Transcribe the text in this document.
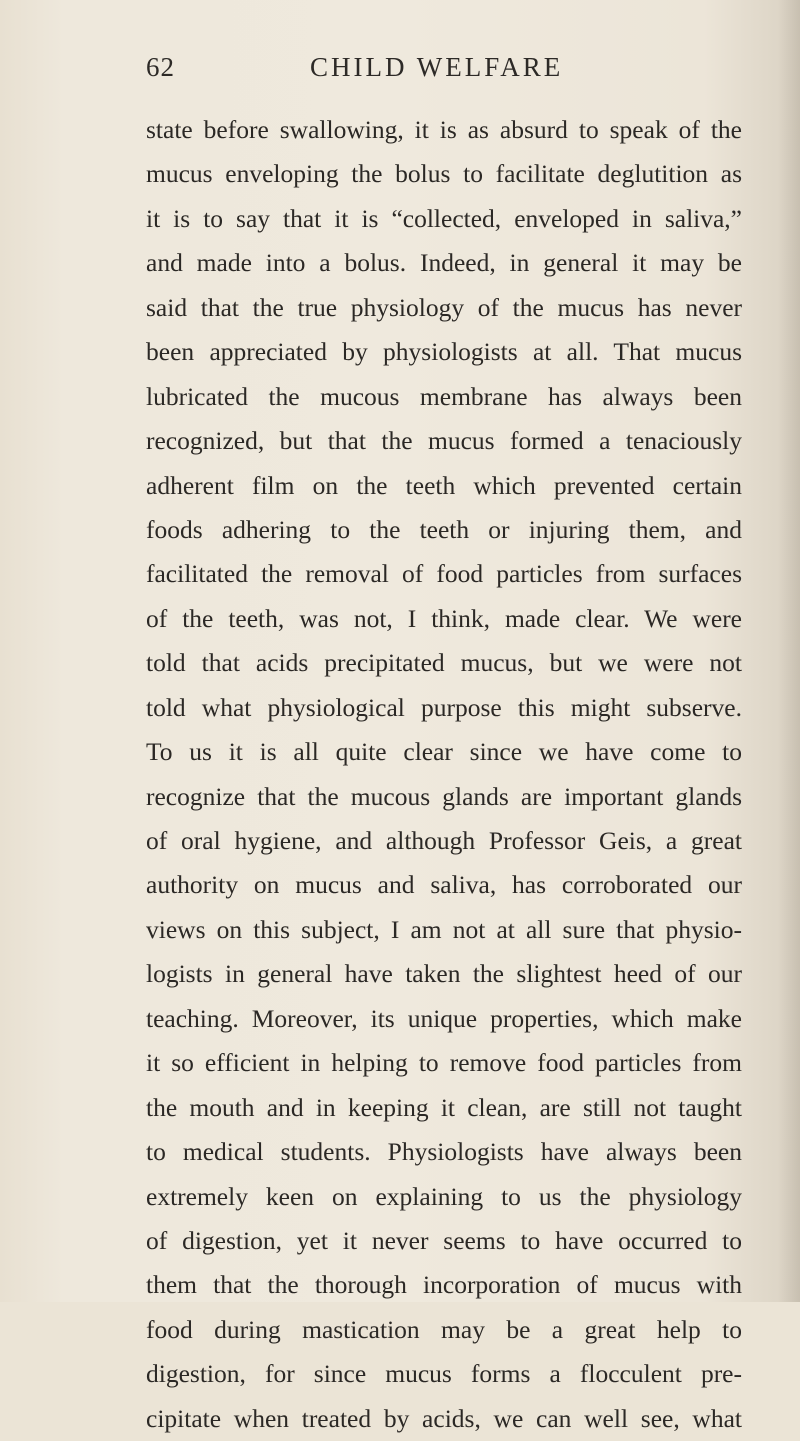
62	CHILD WELFARE
state before swallowing, it is as absurd to speak of the
mucus enveloping the bolus to facilitate deglutition as
it is to say that it is “collected, enveloped in saliva,”
and made into a bolus. Indeed, in general it may be
said that the true physiology of the mucus has never
been appreciated by physiologists at all. That mucus
lubricated the mucous membrane has always been
recognized, but that the mucus formed a tenaciously
adherent film on the teeth which prevented certain
foods adhering to the teeth or injuring them, and
facilitated the removal of food particles from surfaces
of the teeth, was not, I think, made clear. We were
told that acids precipitated mucus, but we were not
told what physiological purpose this might subserve.
To us it is all quite clear since we have come to
recognize that the mucous glands are important glands
of oral hygiene, and although Professor Geis, a great
authority on mucus and saliva, has corroborated our
views on this subject, I am not at all sure that physio-
logists in general have taken the slightest heed of our
teaching. Moreover, its unique properties, which make
it so efficient in helping to remove food particles from
the mouth and in keeping it clean, are still not taught
to medical students. Physiologists have always been
extremely keen on explaining to us the physiology
of digestion, yet it never seems to have occurred to
them that the thorough incorporation of mucus with
food during mastication may be a great help to
digestion, for since mucus forms a flocculent pre-
cipitate when treated by acids, we can well see, what
